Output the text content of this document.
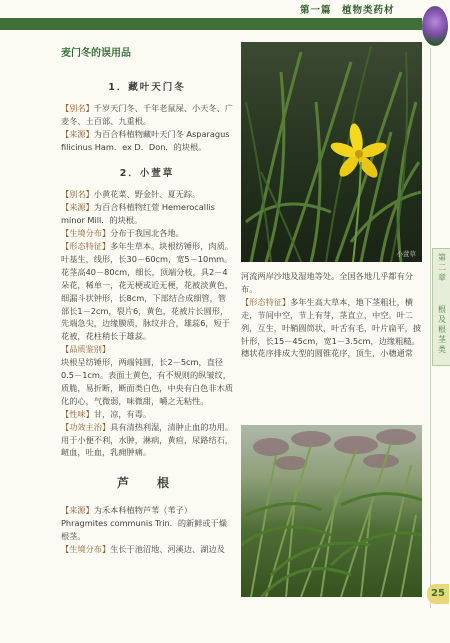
第一篇　植物类药材
第二章
根及根茎类
25
麦门冬的误用品
1．藏叶天门冬

【别名】千岁天门冬、千年老鼠屎、小天冬、广麦冬、土百部、九重根。

【来源】为百合科植物藏叶天门冬 Asparagus filicinus Ham．ex D．Don．的块根。

2．小萱草

【别名】小黄花菜、野金针、夏无踪。

【来源】为百合科植物红萱 Hemerocallis minor Mill．的块根。

【生境分布】分布于我国北各地。

【形态特征】多年生草本。块根纺锤形，肉质。叶基生，线形，长30－60cm，宽5－10mm。花茎高40－80cm，细长，顶端分枝，具2－4朵花，稀单一，花无梗或近无梗，花被淡黄色，细漏斗状钟形，长8cm，下部结合成细管，管部长1－2cm，裂片6，黄色，花被片长圆形，先端急尖，边缘膜质，脉纹并合，雄蕊6，短于花被，花柱稍长于雄蕊。

【品质鉴别】

块根呈纺锤形，两端钝圆，长2－5cm，直径0.5－1cm。表面土黄色，有不规则的纵皱纹，质脆，易折断，断面类白色，中央有白色非木质化的心，气微弱，味微甜，嚼之无粘性。

【性味】甘，凉，有毒。

【功效主治】具有清热利湿，清肿止血的功用。用于小便不利，水肿，淋病，黄疸，尿路结石，衄血，吐血，乳痈肿痛。

芦　根

【来源】为禾本科植物芦苇（苇子）Phragmites communis Trin．的新鲜或干燥根茎。

【生境分布】生长于池沼地、河溪边、湖边及

小萱草

河流两岸沙地及湿地等处。全国各地几乎都有分布。

【形态特征】多年生高大草本，地下茎粗壮，横走，节间中空，节上有芽，茎直立，中空。叶二列，互生，叶鞘圆筒状，叶舌有毛，叶片扁平，披针形，长15－45cm，宽1－3.5cm，边缘粗糙。穗状花序排成大型的圆锥花序，顶生，小穗通常
